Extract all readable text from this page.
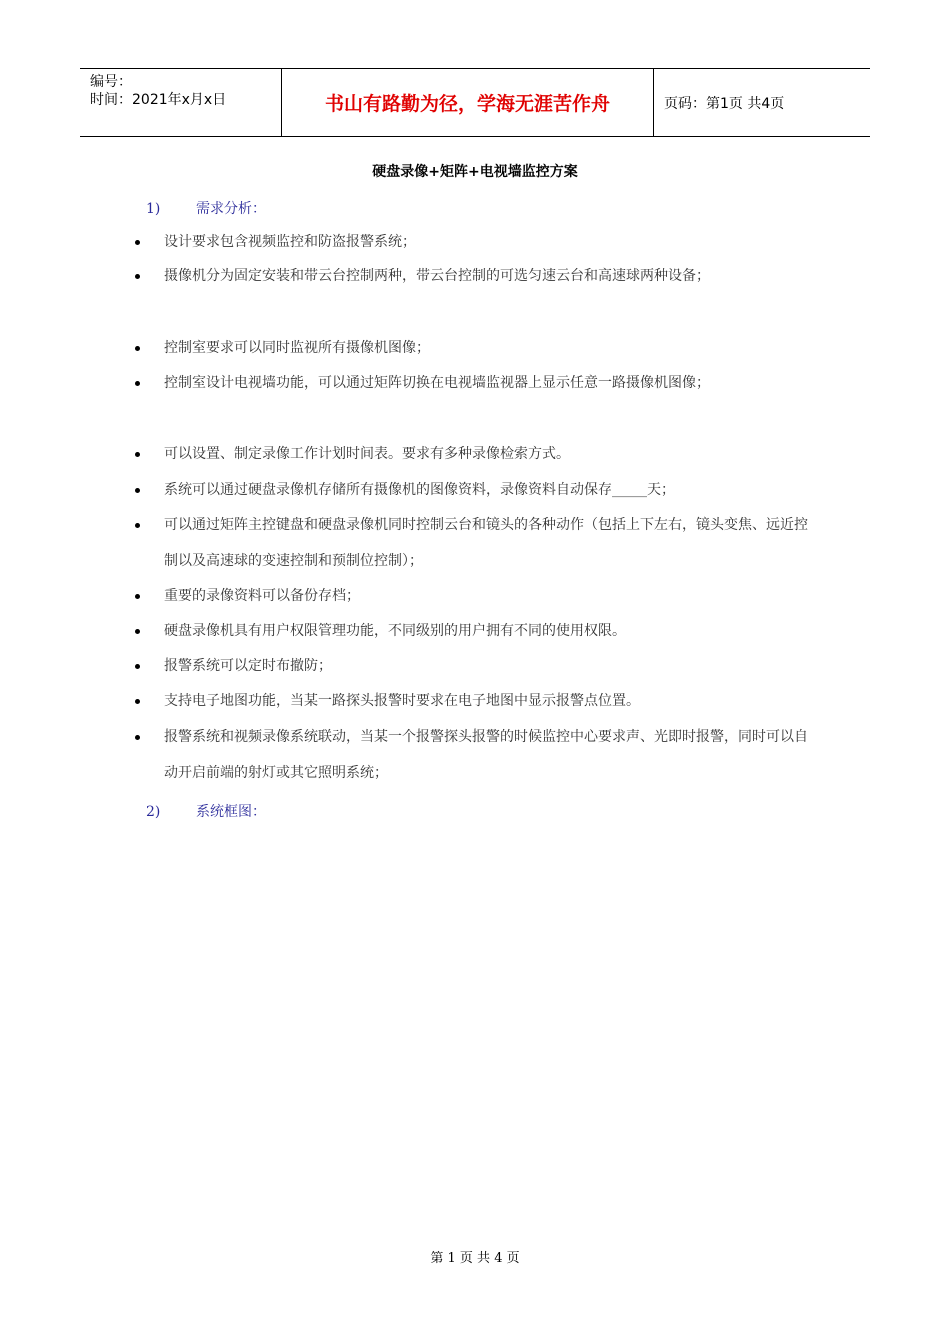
编号：
时间：2021年x月x日	书山有路勤为径，学海无涯苦作舟	页码：第1页 共4页
硬盘录像+矩阵+电视墙监控方案
1)	需求分析：
设计要求包含视频监控和防盗报警系统；
摄像机分为固定安装和带云台控制两种，带云台控制的可选匀速云台和高速球两种设备；
控制室要求可以同时监视所有摄像机图像；
控制室设计电视墙功能，可以通过矩阵切换在电视墙监视器上显示任意一路摄像机图像；
可以设置、制定录像工作计划时间表。要求有多种录像检索方式。
系统可以通过硬盘录像机存储所有摄像机的图像资料，录像资料自动保存_____天；
可以通过矩阵主控键盘和硬盘录像机同时控制云台和镜头的各种动作（包括上下左右，镜头变焦、远近控制以及高速球的变速控制和预制位控制）；
重要的录像资料可以备份存档；
硬盘录像机具有用户权限管理功能，不同级别的用户拥有不同的使用权限。
报警系统可以定时布撤防；
支持电子地图功能，当某一路探头报警时要求在电子地图中显示报警点位置。
报警系统和视频录像系统联动，当某一个报警探头报警的时候监控中心要求声、光即时报警，同时可以自动开启前端的射灯或其它照明系统；
2)	系统框图：
第 1 页 共 4 页
